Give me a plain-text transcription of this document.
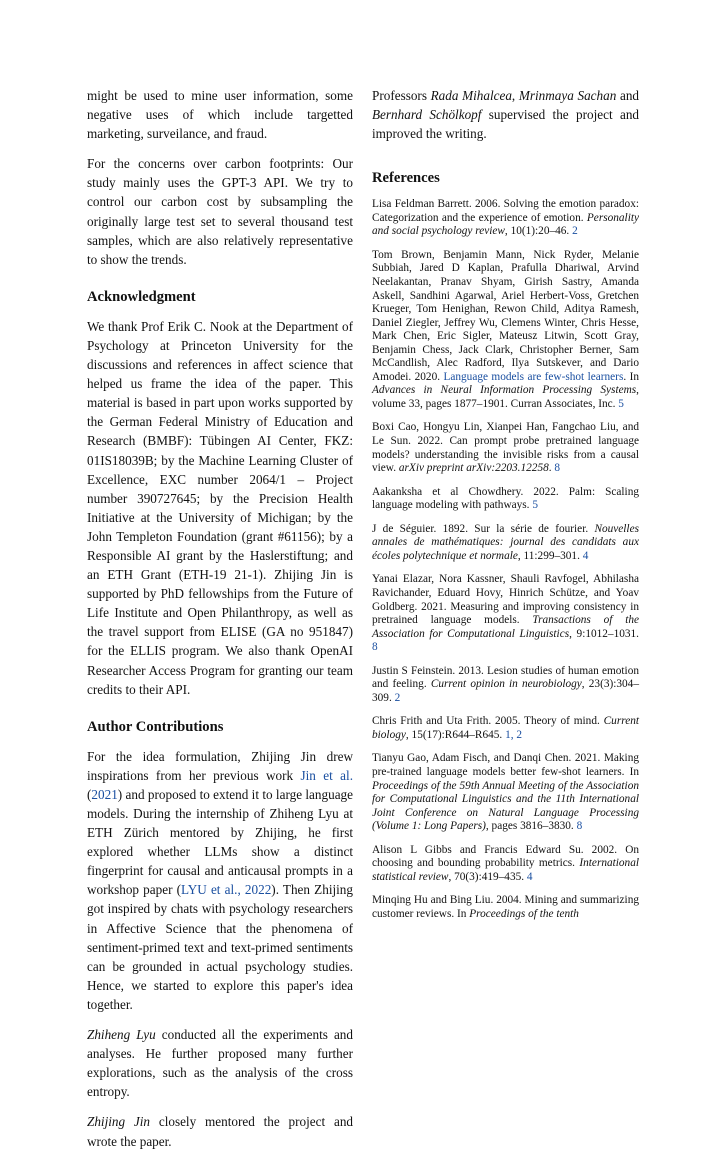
might be used to mine user information, some negative uses of which include targetted marketing, surveilance, and fraud.

For the concerns over carbon footprints: Our study mainly uses the GPT-3 API. We try to control our carbon cost by subsampling the originally large test set to several thousand test samples, which are also relatively representative to show the trends.

Acknowledgment

We thank Prof Erik C. Nook at the Department of Psychology at Princeton University for the discussions and references in affect science that helped us frame the idea of the paper. This material is based in part upon works supported by the German Federal Ministry of Education and Research (BMBF): Tübingen AI Center, FKZ: 01IS18039B; by the Machine Learning Cluster of Excellence, EXC number 2064/1 – Project number 390727645; by the Precision Health Initiative at the University of Michigan; by the John Templeton Foundation (grant #61156); by a Responsible AI grant by the Haslerstiftung; and an ETH Grant (ETH-19 21-1). Zhijing Jin is supported by PhD fellowships from the Future of Life Institute and Open Philanthropy, as well as the travel support from ELISE (GA no 951847) for the ELLIS program. We also thank OpenAI Researcher Access Program for granting our team credits to their API.

Author Contributions

For the idea formulation, Zhijing Jin drew inspirations from her previous work Jin et al. (2021) and proposed to extend it to large language models. During the internship of Zhiheng Lyu at ETH Zürich mentored by Zhijing, he first explored whether LLMs show a distinct fingerprint for causal and anticausal prompts in a workshop paper (LYU et al., 2022). Then Zhijing got inspired by chats with psychology researchers in Affective Science that the phenomena of sentiment-primed text and text-primed sentiments can be grounded in actual psychology studies. Hence, we started to explore this paper's idea together.

Zhiheng Lyu conducted all the experiments and analyses. He further proposed many further explorations, such as the analysis of the cross entropy.

Zhijing Jin closely mentored the project and wrote the paper.

Professors Rada Mihalcea, Mrinmaya Sachan and Bernhard Schölkopf supervised the project and improved the writing.

References
Lisa Feldman Barrett. 2006. Solving the emotion paradox: Categorization and the experience of emotion. Personality and social psychology review, 10(1):20–46. 2
Tom Brown, Benjamin Mann, Nick Ryder, Melanie Subbiah, Jared D Kaplan, Prafulla Dhariwal, Arvind Neelakantan, Pranav Shyam, Girish Sastry, Amanda Askell, Sandhini Agarwal, Ariel Herbert-Voss, Gretchen Krueger, Tom Henighan, Rewon Child, Aditya Ramesh, Daniel Ziegler, Jeffrey Wu, Clemens Winter, Chris Hesse, Mark Chen, Eric Sigler, Mateusz Litwin, Scott Gray, Benjamin Chess, Jack Clark, Christopher Berner, Sam McCandlish, Alec Radford, Ilya Sutskever, and Dario Amodei. 2020. Language models are few-shot learners. In Advances in Neural Information Processing Systems, volume 33, pages 1877–1901. Curran Associates, Inc. 5
Boxi Cao, Hongyu Lin, Xianpei Han, Fangchao Liu, and Le Sun. 2022. Can prompt probe pretrained language models? understanding the invisible risks from a causal view. arXiv preprint arXiv:2203.12258. 8
Aakanksha et al Chowdhery. 2022. Palm: Scaling language modeling with pathways. 5
J de Séguier. 1892. Sur la série de fourier. Nouvelles annales de mathématiques: journal des candidats aux écoles polytechnique et normale, 11:299–301. 4
Yanai Elazar, Nora Kassner, Shauli Ravfogel, Abhilasha Ravichander, Eduard Hovy, Hinrich Schütze, and Yoav Goldberg. 2021. Measuring and improving consistency in pretrained language models. Transactions of the Association for Computational Linguistics, 9:1012–1031. 8
Justin S Feinstein. 2013. Lesion studies of human emotion and feeling. Current opinion in neurobiology, 23(3):304–309. 2
Chris Frith and Uta Frith. 2005. Theory of mind. Current biology, 15(17):R644–R645. 1, 2
Tianyu Gao, Adam Fisch, and Danqi Chen. 2021. Making pre-trained language models better few-shot learners. In Proceedings of the 59th Annual Meeting of the Association for Computational Linguistics and the 11th International Joint Conference on Natural Language Processing (Volume 1: Long Papers), pages 3816–3830. 8
Alison L Gibbs and Francis Edward Su. 2002. On choosing and bounding probability metrics. International statistical review, 70(3):419–435. 4
Minqing Hu and Bing Liu. 2004. Mining and summarizing customer reviews. In Proceedings of the tenth
